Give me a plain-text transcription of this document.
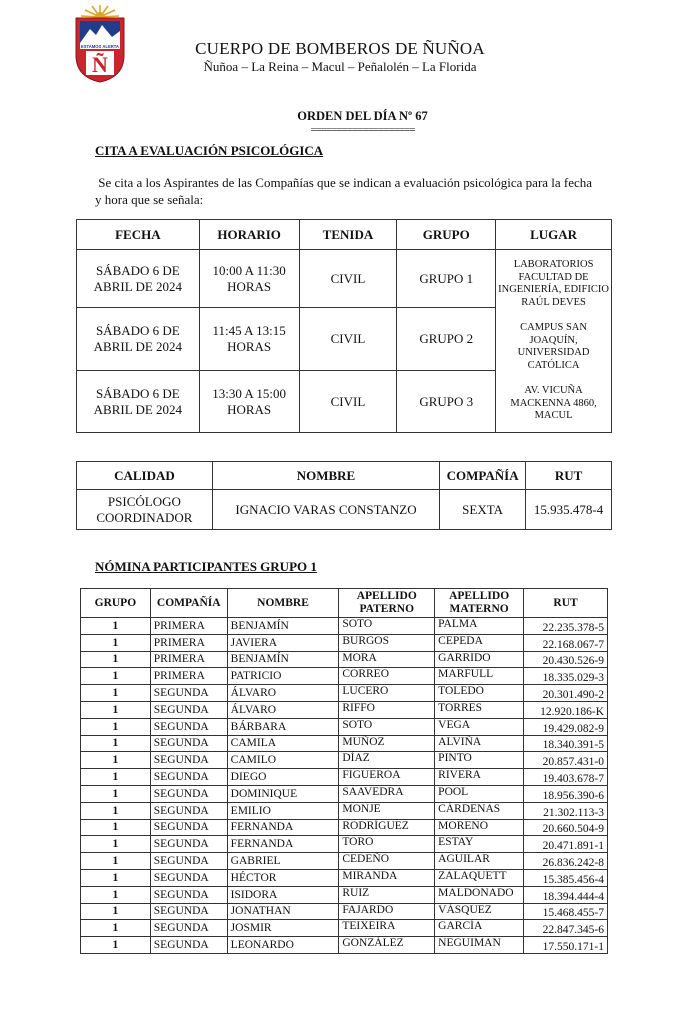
ESTAMOS ALERTA
Ñ
CUERPO DE BOMBEROS DE ÑUÑOA
Ñuñoa – La Reina – Macul – Peñalolén – La Florida
ORDEN DEL DÍA Nº 67
====================
CITA A EVALUACIÓN PSICOLÓGICA
Se cita a los Aspirantes de las Compañías que se indican a evaluación psicológica para la fecha y hora que se señala:
FECHA	HORARIO	TENIDA	GRUPO	LUGAR
SÁBADO 6 DE ABRIL DE 2024	10:00 A 11:30 HORAS	CIVIL	GRUPO 1	LABORATORIOS FACULTAD DE INGENIERÍA, EDIFICIO RAÚL DEVES
CAMPUS SAN JOAQUÍN, UNIVERSIDAD CATÓLICA
AV. VICUÑA MACKENNA 4860, MACUL

SÁBADO 6 DE ABRIL DE 2024	11:45 A 13:15 HORAS	CIVIL	GRUPO 2	
SÁBADO 6 DE ABRIL DE 2024	13:30 A 15:00 HORAS	CIVIL	GRUPO 3	
CALIDAD	NOMBRE	COMPAÑÍA	RUT
PSICÓLOGO COORDINADOR	IGNACIO VARAS CONSTANZO	SEXTA	15.935.478-4
NÓMINA PARTICIPANTES GRUPO 1
GRUPO	COMPAÑÍA	NOMBRE	APELLIDO PATERNO	APELLIDO MATERNO	RUT
1	PRIMERA	BENJAMÍN	SOTO	PALMA	22.235.378-5
1	PRIMERA	JAVIERA	BURGOS	CEPEDA	22.168.067-7
1	PRIMERA	BENJAMÍN	MORA	GARRIDO	20.430.526-9
1	PRIMERA	PATRICIO	CORREO	MARFULL	18.335.029-3
1	SEGUNDA	ÁLVARO	LUCERO	TOLEDO	20.301.490-2
1	SEGUNDA	ÁLVARO	RIFFO	TORRES	12.920.186-K
1	SEGUNDA	BÁRBARA	SOTO	VEGA	19.429.082-9
1	SEGUNDA	CAMILA	MUÑOZ	ALVIÑA	18.340.391-5
1	SEGUNDA	CAMILO	DÍAZ	PINTO	20.857.431-0
1	SEGUNDA	DIEGO	FIGUEROA	RIVERA	19.403.678-7
1	SEGUNDA	DOMINIQUE	SAAVEDRA	POOL	18.956.390-6
1	SEGUNDA	EMILIO	MONJE	CÁRDENAS	21.302.113-3
1	SEGUNDA	FERNANDA	RODRÍGUEZ	MORENO	20.660.504-9
1	SEGUNDA	FERNANDA	TORO	ESTAY	20.471.891-1
1	SEGUNDA	GABRIEL	CEDEÑO	AGUILAR	26.836.242-8
1	SEGUNDA	HÉCTOR	MIRANDA	ZALAQUETT	15.385.456-4
1	SEGUNDA	ISIDORA	RUIZ	MALDONADO	18.394.444-4
1	SEGUNDA	JONATHAN	FAJARDO	VÁSQUEZ	15.468.455-7
1	SEGUNDA	JOSMIR	TEIXEIRA	GARCÍA	22.847.345-6
1	SEGUNDA	LEONARDO	GONZÁLEZ	NEGUIMAN	17.550.171-1
